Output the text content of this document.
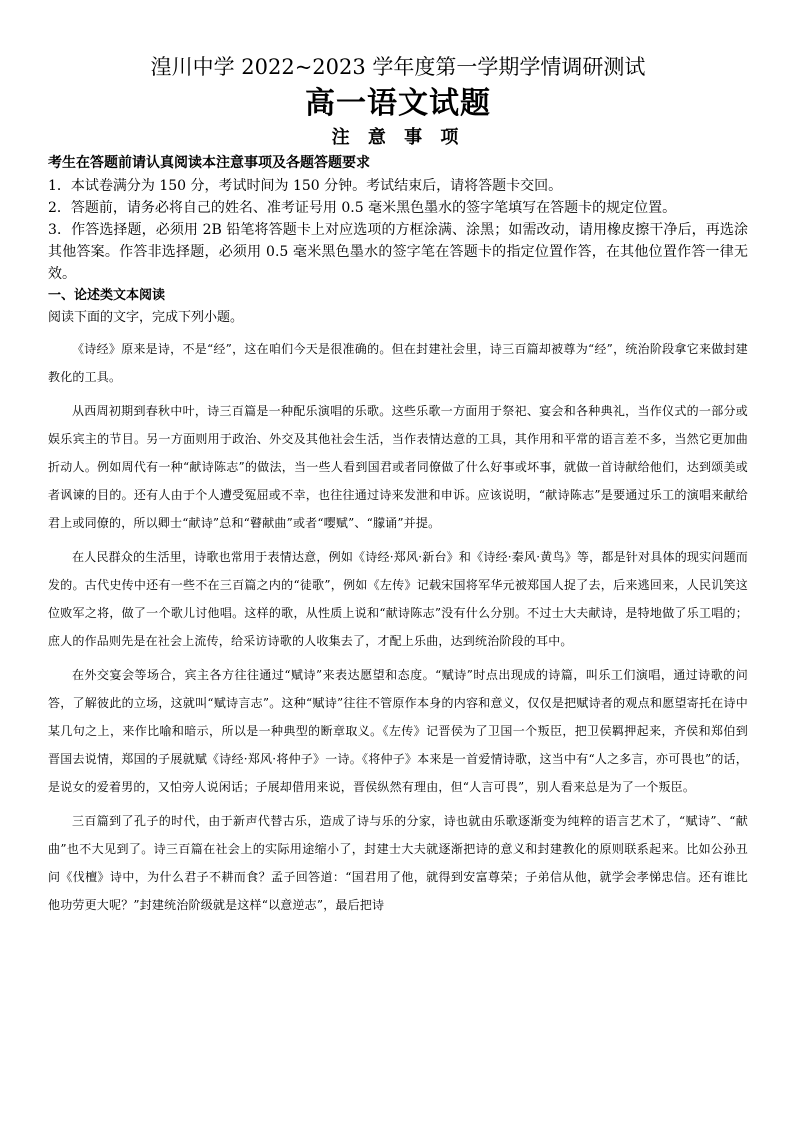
湟川中学 2022~2023 学年度第一学期学情调研测试
高一语文试题
注 意 事 项

考生在答题前请认真阅读本注意事项及各题答题要求

1．本试卷满分为 150 分，考试时间为 150 分钟。考试结束后，请将答题卡交回。

2．答题前，请务必将自己的姓名、准考证号用 0.5 毫米黑色墨水的签字笔填写在答题卡的规定位置。

3．作答选择题，必须用 2B 铅笔将答题卡上对应选项的方框涂满、涂黑；如需改动，请用橡皮擦干净后，再选涂其他答案。作答非选择题，必须用 0.5 毫米黑色墨水的签字笔在答题卡的指定位置作答，在其他位置作答一律无效。

一、论述类文本阅读

阅读下面的文字，完成下列小题。

《诗经》原来是诗，不是“经”，这在咱们今天是很准确的。但在封建社会里，诗三百篇却被尊为“经”，统治阶段拿它来做封建教化的工具。

从西周初期到春秋中叶，诗三百篇是一种配乐演唱的乐歌。这些乐歌一方面用于祭祀、宴会和各种典礼，当作仪式的一部分或娱乐宾主的节目。另一方面则用于政治、外交及其他社会生活，当作表情达意的工具，其作用和平常的语言差不多，当然它更加曲折动人。例如周代有一种“献诗陈志”的做法，当一些人看到国君或者同僚做了什么好事或坏事，就做一首诗献给他们，达到颂美或者讽谏的目的。还有人由于个人遭受冤屈或不幸，也往往通过诗来发泄和申诉。应该说明，“献诗陈志”是要通过乐工的演唱来献给君上或同僚的，所以卿士“献诗”总和“瞽献曲”或者“嘤赋”、“朦诵”并提。

在人民群众的生活里，诗歌也常用于表情达意，例如《诗经·郑风·新台》和《诗经·秦风·黄鸟》等，都是针对具体的现实问题而发的。古代史传中还有一些不在三百篇之内的“徒歌”，例如《左传》记载宋国将军华元被郑国人捉了去，后来逃回来，人民讥笑这位败军之将，做了一个歌儿讨他唱。这样的歌，从性质上说和“献诗陈志”没有什么分别。不过士大夫献诗，是特地做了乐工唱的；庶人的作品则先是在社会上流传，给采访诗歌的人收集去了，才配上乐曲，达到统治阶段的耳中。

在外交宴会等场合，宾主各方往往通过“赋诗”来表达愿望和态度。“赋诗”时点出现成的诗篇，叫乐工们演唱，通过诗歌的问答，了解彼此的立场，这就叫“赋诗言志”。这种“赋诗”往往不管原作本身的内容和意义，仅仅是把赋诗者的观点和愿望寄托在诗中某几句之上，来作比喻和暗示，所以是一种典型的断章取义。《左传》记晋侯为了卫国一个叛臣，把卫侯羁押起来，齐侯和郑伯到晋国去说情，郑国的子展就赋《诗经·郑风·将仲子》一诗。《将仲子》本来是一首爱情诗歌，这当中有“人之多言，亦可畏也”的话，是说女的爱着男的，又怕旁人说闲话；子展却借用来说，晋侯纵然有理由，但“人言可畏”，别人看来总是为了一个叛臣。

三百篇到了孔子的时代，由于新声代替古乐，造成了诗与乐的分家，诗也就由乐歌逐渐变为纯粹的语言艺术了，“赋诗”、“献曲”也不大见到了。诗三百篇在社会上的实际用途缩小了，封建士大夫就逐渐把诗的意义和封建教化的原则联系起来。比如公孙丑问《伐檀》诗中，为什么君子不耕而食？孟子回答道：“国君用了他，就得到安富尊荣；子弟信从他，就学会孝悌忠信。还有谁比他功劳更大呢？”封建统治阶级就是这样“以意逆志”，最后把诗
